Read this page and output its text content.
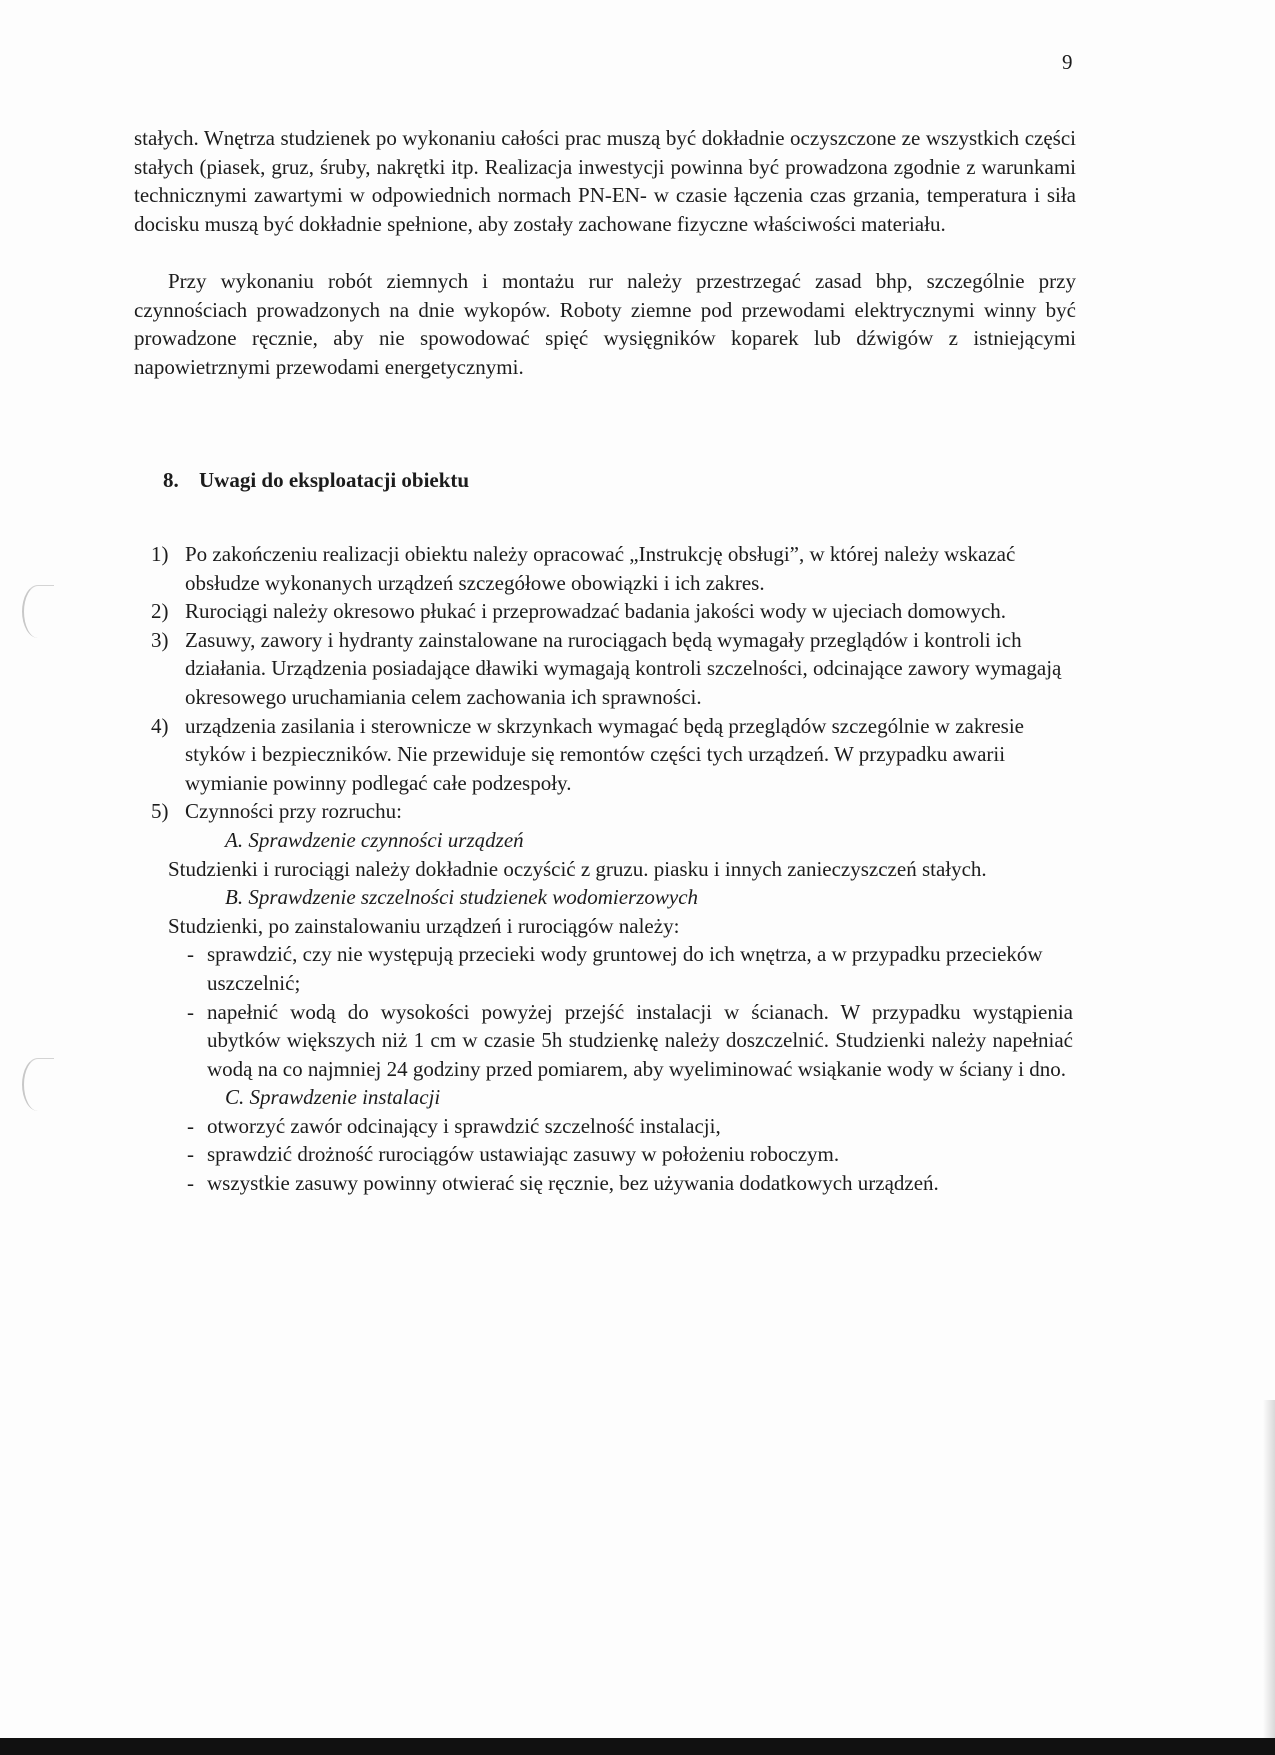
9
stałych. Wnętrza studzienek po wykonaniu całości prac muszą być dokładnie oczyszczone ze wszystkich części stałych (piasek, gruz, śruby, nakrętki itp. Realizacja inwestycji powinna być prowadzona zgodnie z warunkami technicznymi zawartymi w odpowiednich normach PN-EN- w czasie łączenia czas grzania, temperatura i siła docisku muszą być dokładnie spełnione, aby zostały zachowane fizyczne właściwości materiału.
Przy wykonaniu robót ziemnych i montażu rur należy przestrzegać zasad bhp, szczególnie przy czynnościach prowadzonych na dnie wykopów. Roboty ziemne pod przewodami elektrycznymi winny być prowadzone ręcznie, aby nie spowodować spięć wysięgników koparek lub dźwigów z istniejącymi napowietrznymi przewodami energetycznymi.
8. Uwagi do eksploatacji obiektu
1) Po zakończeniu realizacji obiektu należy opracować „Instrukcję obsługi”, w której należy wskazać obsłudze wykonanych urządzeń szczegółowe obowiązki i ich zakres.
2) Rurociągi należy okresowo płukać i przeprowadzać badania jakości wody w ujeciach domowych.
3) Zasuwy, zawory i hydranty zainstalowane na rurociągach będą wymagały przeglądów i kontroli ich działania. Urządzenia posiadające dławiki wymagają kontroli szczelności, odcinające zawory wymagają okresowego uruchamiania celem zachowania ich sprawności.
4) urządzenia zasilania i sterownicze w skrzynkach wymagać będą przeglądów szczególnie w zakresie styków i bezpieczników. Nie przewiduje się remontów części tych urządzeń. W przypadku awarii wymianie powinny podlegać całe podzespoły.
5) Czynności przy rozruchu:
A. Sprawdzenie czynności urządzeń
Studzienki i rurociągi należy dokładnie oczyścić z gruzu. piasku i innych zanieczyszczeń stałych.
B. Sprawdzenie szczelności studzienek wodomierzowych
Studzienki, po zainstalowaniu urządzeń i rurociągów należy:
- sprawdzić, czy nie występują przecieki wody gruntowej do ich wnętrza, a w przypadku przecieków uszczelnić;
- napełnić wodą do wysokości powyżej przejść instalacji w ścianach. W przypadku wystąpienia ubytków większych niż 1 cm w czasie 5h studzienkę należy doszczelnić. Studzienki należy napełniać wodą na co najmniej 24 godziny przed pomiarem, aby wyeliminować wsiąkanie wody w ściany i dno.
C. Sprawdzenie instalacji
- otworzyć zawór odcinający i sprawdzić szczelność instalacji,
- sprawdzić drożność rurociągów ustawiając zasuwy w położeniu roboczym.
- wszystkie zasuwy powinny otwierać się ręcznie, bez używania dodatkowych urządzeń.
